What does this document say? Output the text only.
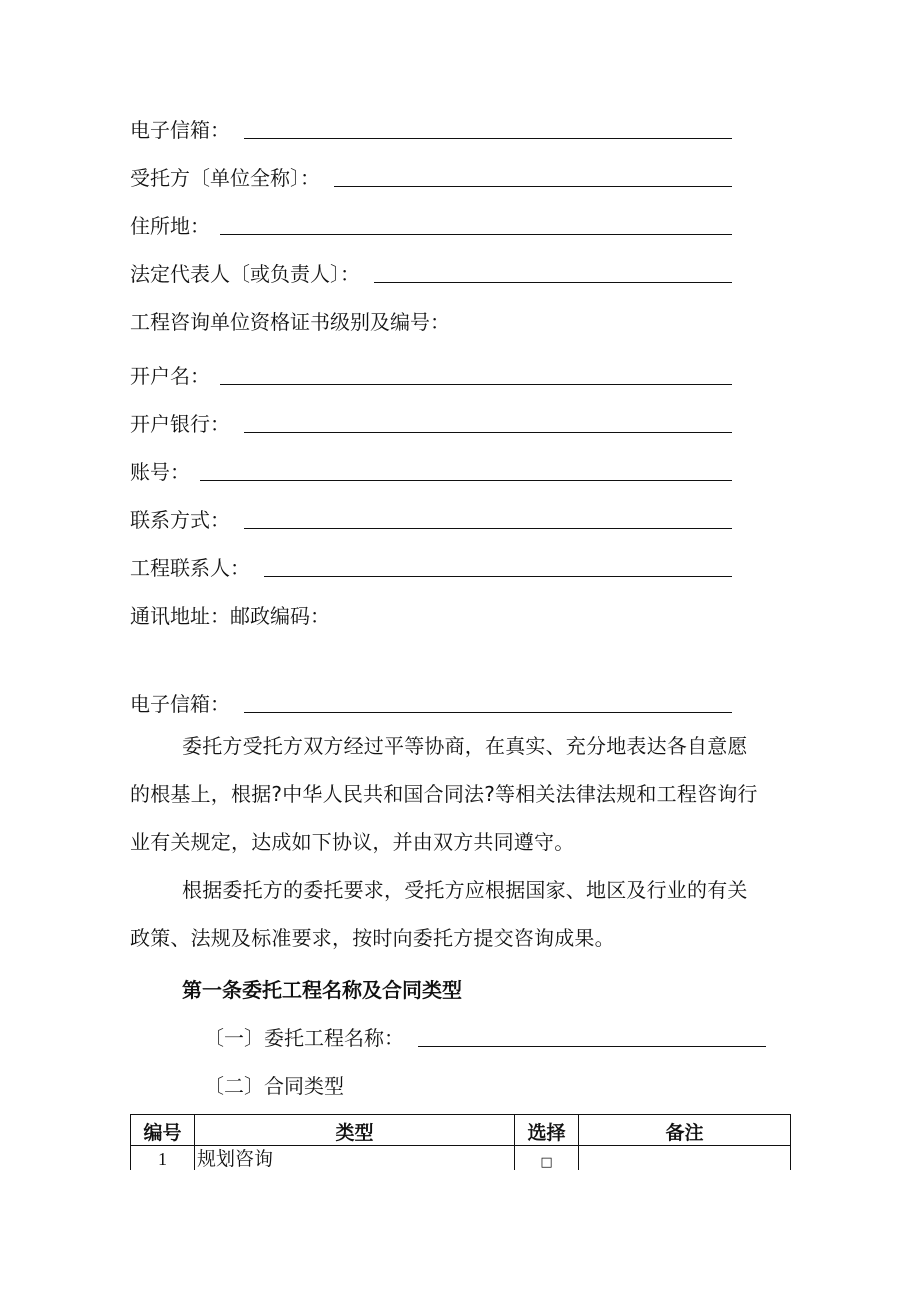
电子信箱：
受托方〔单位全称〕：
住所地：
法定代表人〔或负责人〕：
工程咨询单位资格证书级别及编号：
开户名：
开户银行：
账号：
联系方式：
工程联系人：
通讯地址：邮政编码：
电子信箱：
委托方受托方双方经过平等协商，在真实、充分地表达各自意愿
的根基上，根据?中华人民共和国合同法?等相关法律法规和工程咨询行
业有关规定，达成如下协议，并由双方共同遵守。
根据委托方的委托要求，受托方应根据国家、地区及行业的有关
政策、法规及标准要求，按时向委托方提交咨询成果。
第一条委托工程名称及合同类型
〔一〕委托工程名称：
〔二〕合同类型
编号	类型	选择	备注
1	规划咨询	□	
